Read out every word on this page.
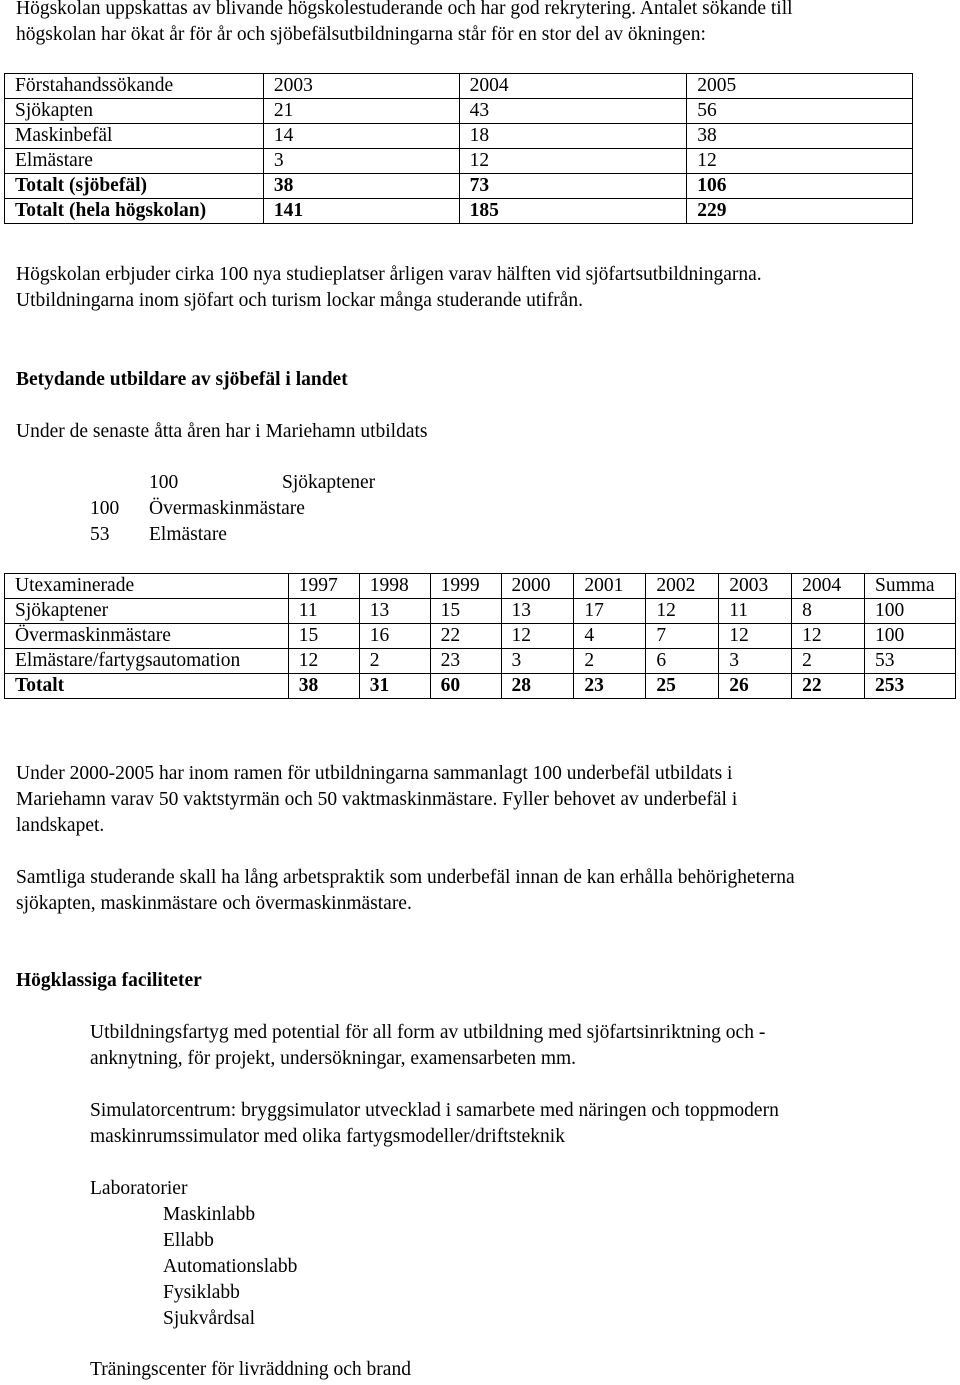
Högskolan uppskattas av blivande högskolestuderande och har god rekrytering. Antalet sökande till

högskolan har ökat år för år och sjöbefälsutbildningarna står för en stor del av ökningen:

Förstahandssökande	2003	2004	2005
Sjökapten	21	43	56
Maskinbefäl	14	18	38
Elmästare	3	12	12
Totalt (sjöbefäl)	38	73	106
Totalt (hela högskolan)	141	185	229

Högskolan erbjuder cirka 100 nya studieplatser årligen varav hälften vid sjöfartsutbildningarna.

Utbildningarna inom sjöfart och turism lockar många studerande utifrån.

Betydande utbildare av sjöbefäl i landet
Under de senaste åtta åren har i Mariehamn utbildats
100	Sjökaptener
100 Övermaskinmästare
53 Elmästare
Utexaminerade	1997	1998	1999	2000	2001	2002	2003	2004	Summa
Sjökaptener	11	13	15	13	17	12	11	8	100
Övermaskinmästare	15	16	22	12	4	7	12	12	100
Elmästare/fartygsautomation	12	2	23	3	2	6	3	2	53
Totalt	38	31	60	28	23	25	26	22	253

Under 2000-2005 har inom ramen för utbildningarna sammanlagt 100 underbefäl utbildats i

Mariehamn varav 50 vaktstyrmän och 50 vaktmaskinmästare. Fyller behovet av underbefäl i

landskapet.

Samtliga studerande skall ha lång arbetspraktik som underbefäl innan de kan erhålla behörigheterna

sjökapten, maskinmästare och övermaskinmästare.

Högklassiga faciliteter

Utbildningsfartyg med potential för all form av utbildning med sjöfartsinriktning och -

anknytning, för projekt, undersökningar, examensarbeten mm.

Simulatorcentrum: bryggsimulator utvecklad i samarbete med näringen och toppmodern

maskinrumssimulator med olika fartygsmodeller/driftsteknik

Laboratorier

Maskinlabb

Ellabb

Automationslabb

Fysiklabb

Sjukvårdsal

Träningscenter för livräddning och brand
